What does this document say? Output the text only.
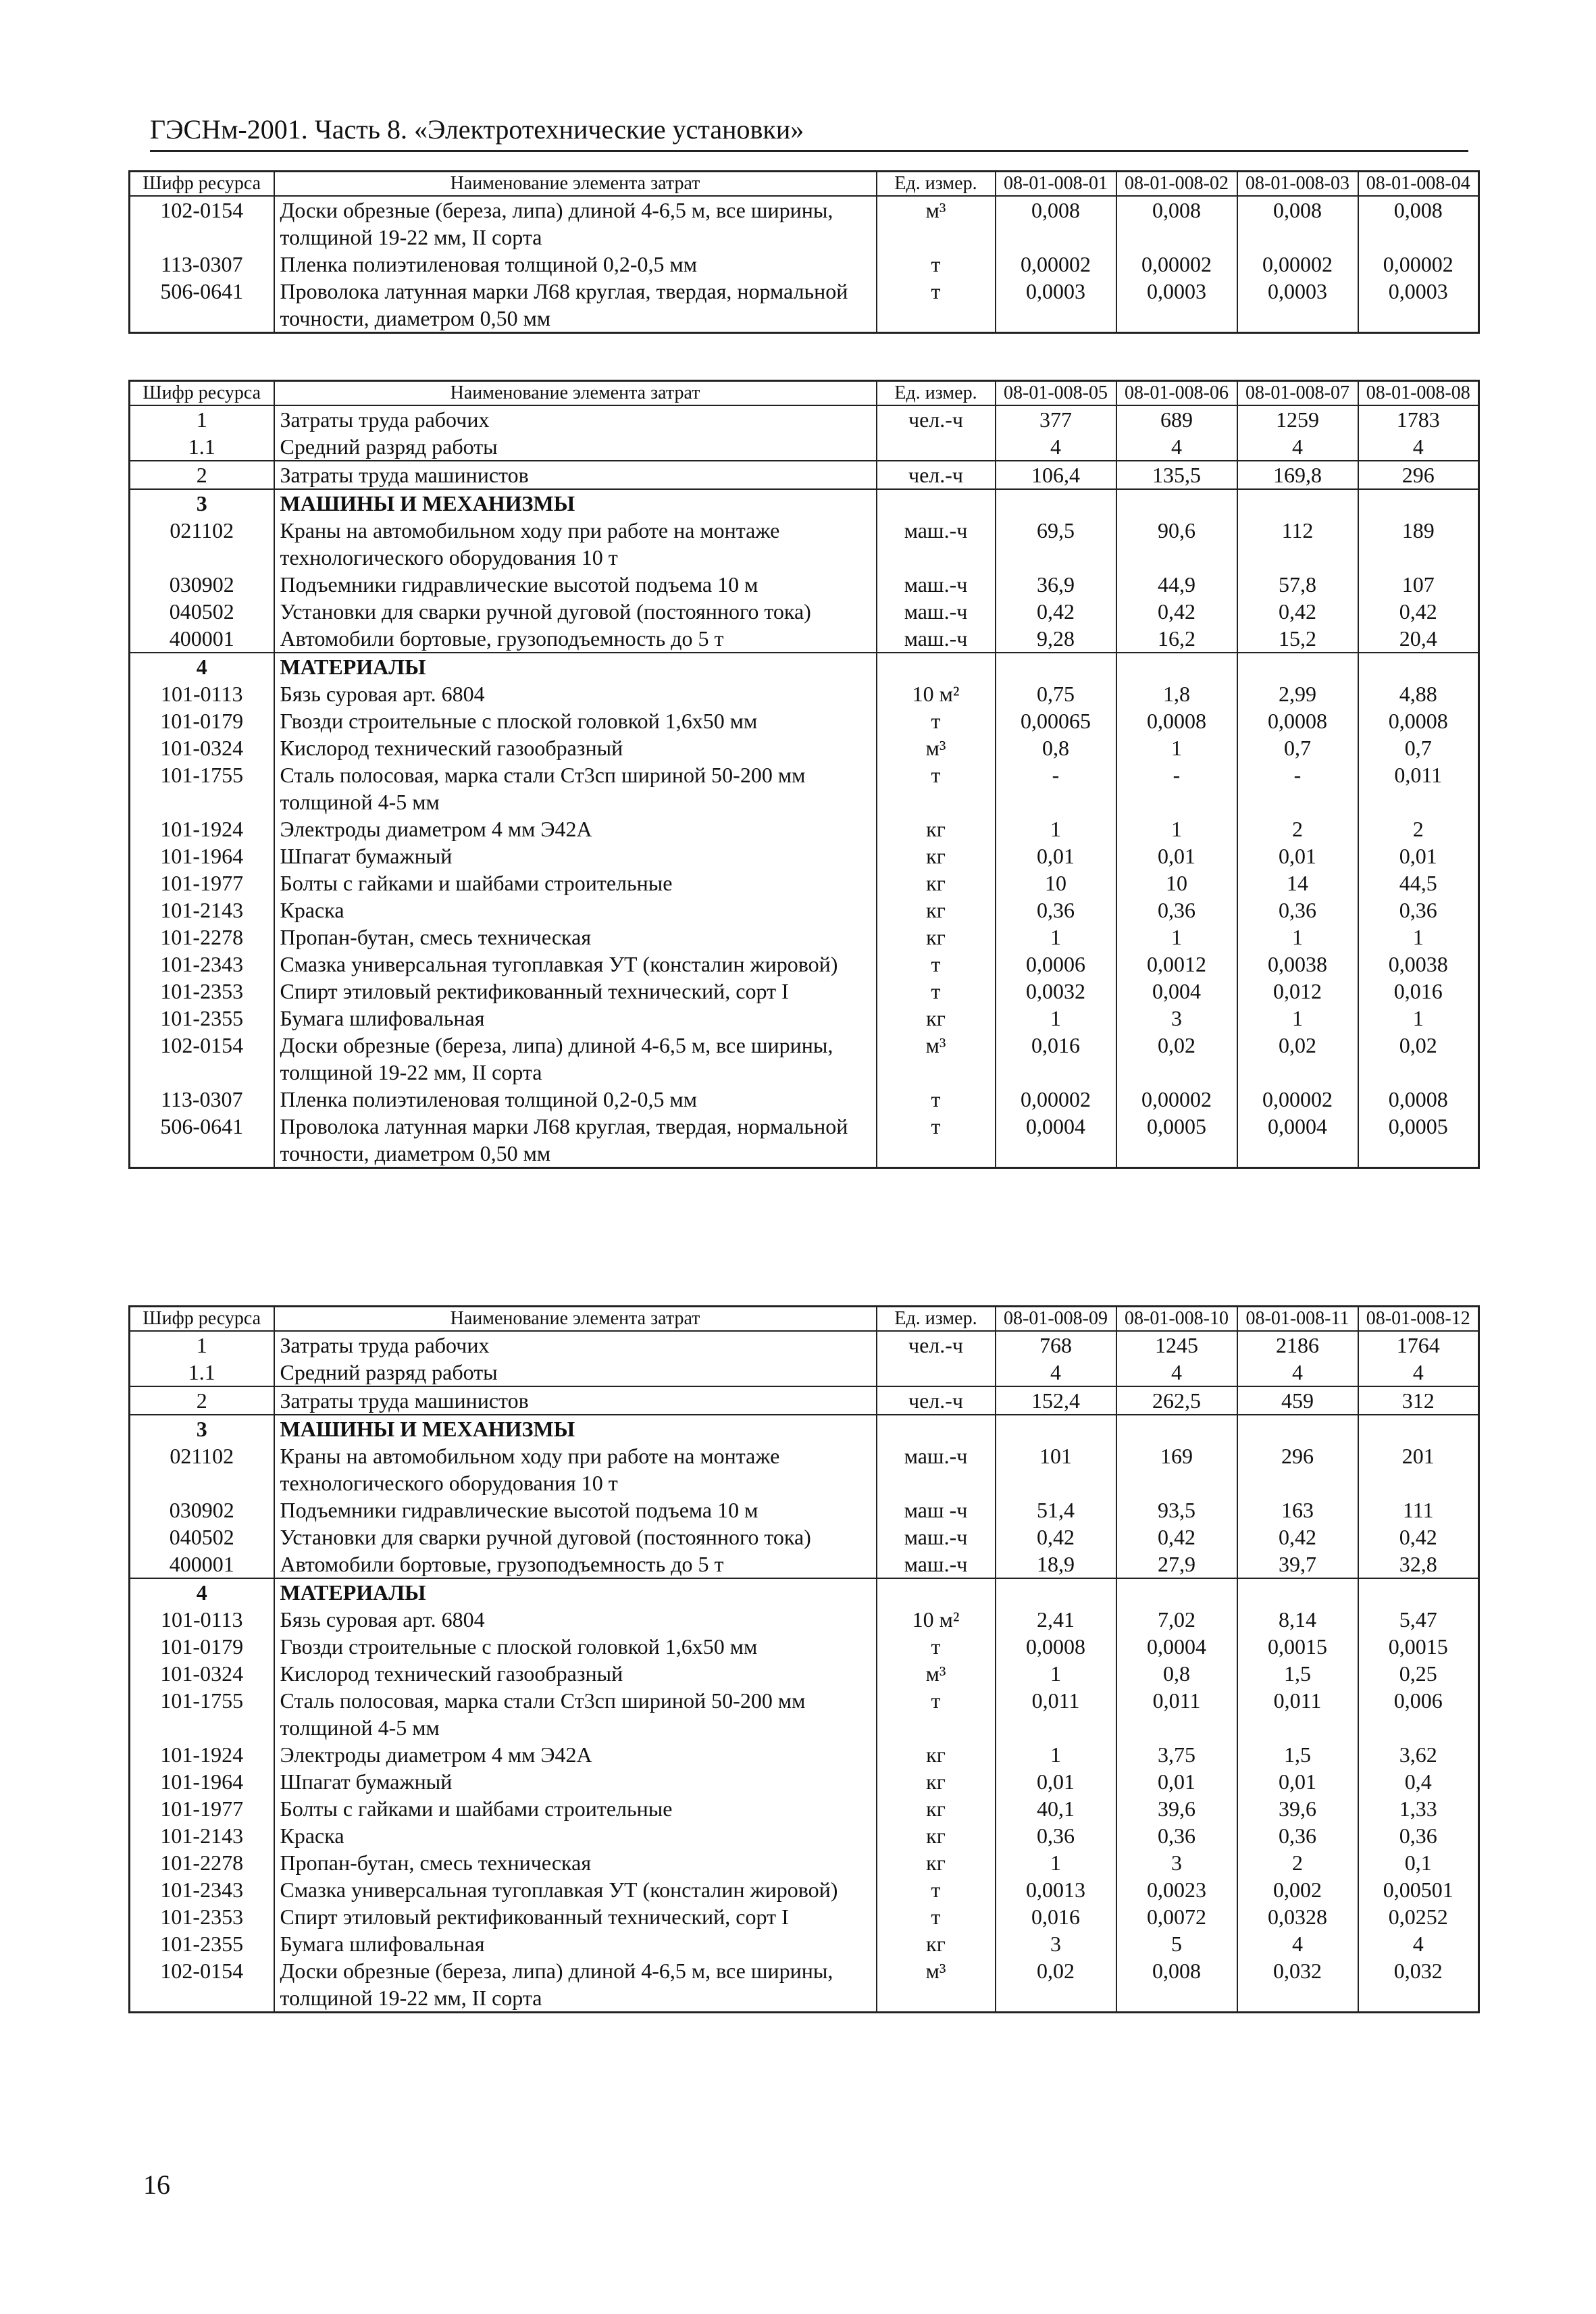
ГЭСНм-2001. Часть 8. «Электротехнические установки»
Шифр ресурса	Наименование элемента затрат	Ед. измер.	08-01-008-01	08-01-008-02	08-01-008-03	08-01-008-04
102-0154	Доски обрезные (береза, липа) длиной 4-6,5 м, все ширины, толщиной 19-22 мм, II сорта	м³	0,008	0,008	0,008	0,008
113-0307	Пленка полиэтиленовая толщиной 0,2-0,5 мм	т	0,00002	0,00002	0,00002	0,00002
506-0641	Проволока латунная марки Л68 круглая, твердая, нормальной точности, диаметром 0,50 мм	т	0,0003	0,0003	0,0003	0,0003
Шифр ресурса	Наименование элемента затрат	Ед. измер.	08-01-008-05	08-01-008-06	08-01-008-07	08-01-008-08
1	Затраты труда рабочих	чел.-ч	377	689	1259	1783
1.1	Средний разряд работы		4	4	4	4
2	Затраты труда машинистов	чел.-ч	106,4	135,5	169,8	296
3	МАШИНЫ И МЕХАНИЗМЫ					
021102	Краны на автомобильном ходу при работе на монтаже технологического оборудования 10 т	маш.-ч	69,5	90,6	112	189
030902	Подъемники гидравлические высотой подъема 10 м	маш.-ч	36,9	44,9	57,8	107
040502	Установки для сварки ручной дуговой (постоянного тока)	маш.-ч	0,42	0,42	0,42	0,42
400001	Автомобили бортовые, грузоподъемность до 5 т	маш.-ч	9,28	16,2	15,2	20,4
4	МАТЕРИАЛЫ					
101-0113	Бязь суровая арт. 6804	10 м²	0,75	1,8	2,99	4,88
101-0179	Гвозди строительные с плоской головкой 1,6х50 мм	т	0,00065	0,0008	0,0008	0,0008
101-0324	Кислород технический газообразный	м³	0,8	1	0,7	0,7
101-1755	Сталь полосовая, марка стали Ст3сп шириной 50-200 мм толщиной 4-5 мм	т	-	-	-	0,011
101-1924	Электроды диаметром 4 мм Э42А	кг	1	1	2	2
101-1964	Шпагат бумажный	кг	0,01	0,01	0,01	0,01
101-1977	Болты с гайками и шайбами строительные	кг	10	10	14	44,5
101-2143	Краска	кг	0,36	0,36	0,36	0,36
101-2278	Пропан-бутан, смесь техническая	кг	1	1	1	1
101-2343	Смазка универсальная тугоплавкая УТ (консталин жировой)	т	0,0006	0,0012	0,0038	0,0038
101-2353	Спирт этиловый ректификованный технический, сорт I	т	0,0032	0,004	0,012	0,016
101-2355	Бумага шлифовальная	кг	1	3	1	1
102-0154	Доски обрезные (береза, липа) длиной 4-6,5 м, все ширины, толщиной 19-22 мм, II сорта	м³	0,016	0,02	0,02	0,02
113-0307	Пленка полиэтиленовая толщиной 0,2-0,5 мм	т	0,00002	0,00002	0,00002	0,0008
506-0641	Проволока латунная марки Л68 круглая, твердая, нормальной точности, диаметром 0,50 мм	т	0,0004	0,0005	0,0004	0,0005
Шифр ресурса	Наименование элемента затрат	Ед. измер.	08-01-008-09	08-01-008-10	08-01-008-11	08-01-008-12
1	Затраты труда рабочих	чел.-ч	768	1245	2186	1764
1.1	Средний разряд работы		4	4	4	4
2	Затраты труда машинистов	чел.-ч	152,4	262,5	459	312
3	МАШИНЫ И МЕХАНИЗМЫ					
021102	Краны на автомобильном ходу при работе на монтаже технологического оборудования 10 т	маш.-ч	101	169	296	201
030902	Подъемники гидравлические высотой подъема 10 м	маш -ч	51,4	93,5	163	111
040502	Установки для сварки ручной дуговой (постоянного тока)	маш.-ч	0,42	0,42	0,42	0,42
400001	Автомобили бортовые, грузоподъемность до 5 т	маш.-ч	18,9	27,9	39,7	32,8
4	МАТЕРИАЛЫ					
101-0113	Бязь суровая арт. 6804	10 м²	2,41	7,02	8,14	5,47
101-0179	Гвозди строительные с плоской головкой 1,6х50 мм	т	0,0008	0,0004	0,0015	0,0015
101-0324	Кислород технический газообразный	м³	1	0,8	1,5	0,25
101-1755	Сталь полосовая, марка стали Ст3сп шириной 50-200 мм толщиной 4-5 мм	т	0,011	0,011	0,011	0,006
101-1924	Электроды диаметром 4 мм Э42А	кг	1	3,75	1,5	3,62
101-1964	Шпагат бумажный	кг	0,01	0,01	0,01	0,4
101-1977	Болты с гайками и шайбами строительные	кг	40,1	39,6	39,6	1,33
101-2143	Краска	кг	0,36	0,36	0,36	0,36
101-2278	Пропан-бутан, смесь техническая	кг	1	3	2	0,1
101-2343	Смазка универсальная тугоплавкая УТ (консталин жировой)	т	0,0013	0,0023	0,002	0,00501
101-2353	Спирт этиловый ректификованный технический, сорт I	т	0,016	0,0072	0,0328	0,0252
101-2355	Бумага шлифовальная	кг	3	5	4	4
102-0154	Доски обрезные (береза, липа) длиной 4-6,5 м, все ширины, толщиной 19-22 мм, II сорта	м³	0,02	0,008	0,032	0,032
16
